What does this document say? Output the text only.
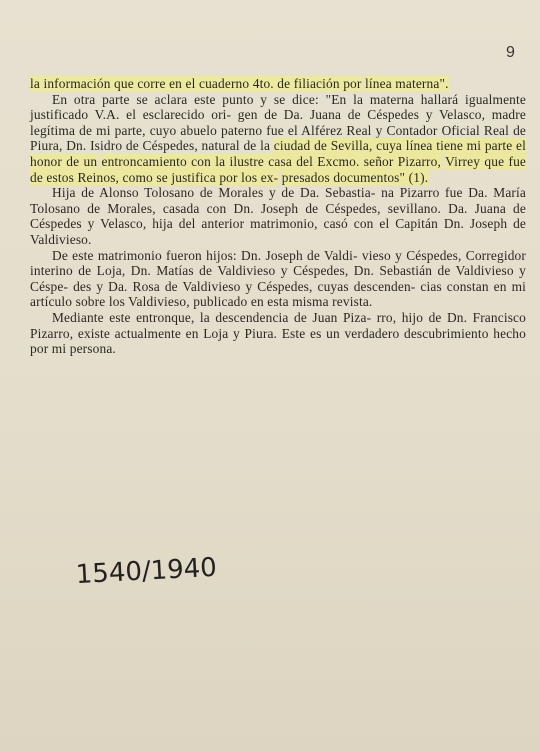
9

la información que corre en el cuaderno 4to. de filiación por línea materna".

En otra parte se aclara este punto y se dice: "En la materna hallará igualmente justificado V.A. el esclarecido ori- gen de Da. Juana de Céspedes y Velasco, madre legítima de mi parte, cuyo abuelo paterno fue el Alférez Real y Contador Oficial Real de Piura, Dn. Isidro de Céspedes, natural de la ciudad de Sevilla, cuya línea tiene mi parte el honor de un entroncamiento con la ilustre casa del Excmo. señor Pizarro, Virrey que fue de estos Reinos, como se justifica por los ex- presados documentos" (1).

Hija de Alonso Tolosano de Morales y de Da. Sebastia- na Pizarro fue Da. María Tolosano de Morales, casada con Dn. Joseph de Céspedes, sevillano. Da. Juana de Céspedes y Velasco, hija del anterior matrimonio, casó con el Capitán Dn. Joseph de Valdivieso.

De este matrimonio fueron hijos: Dn. Joseph de Valdi- vieso y Céspedes, Corregidor interino de Loja, Dn. Matías de Valdivieso y Céspedes, Dn. Sebastián de Valdivieso y Céspe- des y Da. Rosa de Valdivieso y Céspedes, cuyas descenden- cias constan en mi artículo sobre los Valdivieso, publicado en esta misma revista.

Mediante este entronque, la descendencia de Juan Piza- rro, hijo de Dn. Francisco Pizarro, existe actualmente en Loja y Piura. Este es un verdadero descubrimiento hecho por mi persona.

1540/1940
